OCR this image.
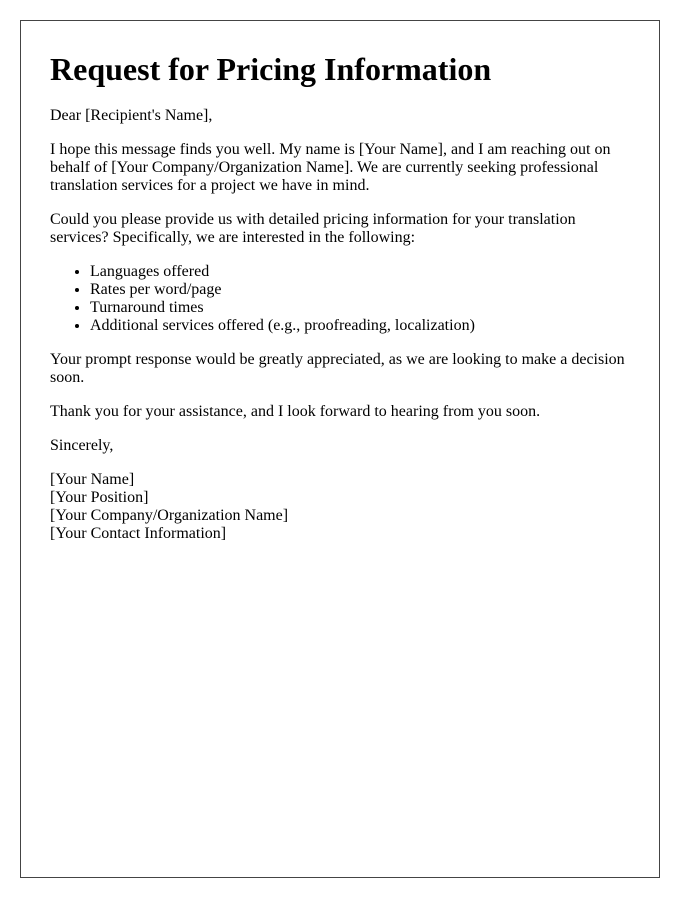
Request for Pricing Information

Dear [Recipient's Name],

I hope this message finds you well. My name is [Your Name], and I am reaching out on behalf of [Your Company/Organization Name]. We are currently seeking professional translation services for a project we have in mind.

Could you please provide us with detailed pricing information for your translation services? Specifically, we are interested in the following:

• Languages offered
• Rates per word/page
• Turnaround times
• Additional services offered (e.g., proofreading, localization)

Your prompt response would be greatly appreciated, as we are looking to make a decision soon.

Thank you for your assistance, and I look forward to hearing from you soon.

Sincerely,

[Your Name]
[Your Position]
[Your Company/Organization Name]
[Your Contact Information]
